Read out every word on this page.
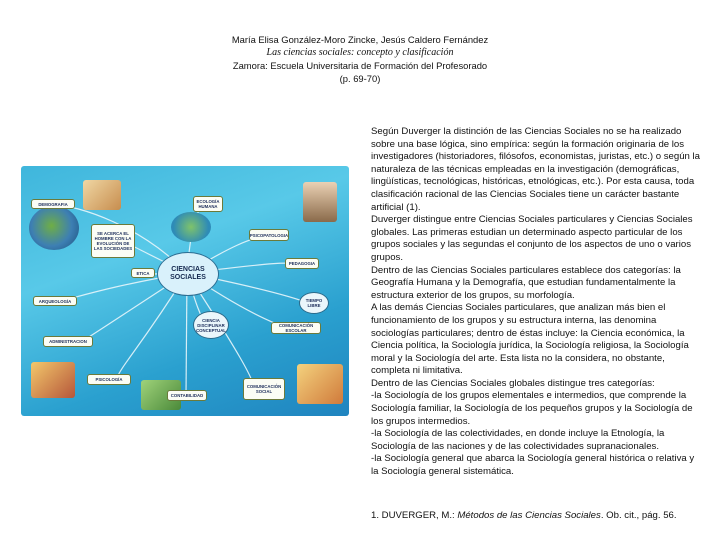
María Elisa González-Moro Zincke, Jesús Caldero Fernández
Las ciencias sociales: concepto y clasificación
Zamora: Escuela Universitaria de Formación del Profesorado
(p. 69-70)
CIENCIAS SOCIALES
DEMOGRAFIA	ECOLOGÍA HUMANA
SE ACERCA EL HOMBRE CON LA EVOLUCIÓN DE LAS SOCIEDADES
PSICOPATOLOGIA
ETICA
PEDAGOGIA
ARQUEOLOGÍA	TIEMPO LIBRE
ADMINISTRACION
CIENCIA DISCIPLINAR CONCEPTUAL
COMUNICACIÓN ESCOLAR
PSICOLOGÍA
CONTABILIDAD
COMUNICACIÓN SOCIAL

Según Duverger la distinción de las Ciencias Sociales no se ha realizado sobre una base lógica, sino empírica: según la formación originaria de los investigadores (historiadores, filósofos, economistas, juristas, etc.) o según la naturaleza de las técnicas empleadas en la investigación (demográficas, lingüísticas, tecnológicas, históricas, etnológicas, etc.). Por esta causa, toda clasificación racional de las Ciencias Sociales tiene un carácter bastante artificial (1).

Duverger distingue entre Ciencias Sociales particulares y Ciencias Sociales globales. Las primeras estudian un determinado aspecto particular de los grupos sociales y las segundas el conjunto de los aspectos de uno o varios grupos.

Dentro de las Ciencias Sociales particulares establece dos categorías: la Geografía Humana y la Demografía, que estudian fundamentalmente la estructura exterior de los grupos, su morfología.

A las demás Ciencias Sociales particulares, que analizan más bien el funcionamiento de los grupos y su estructura interna, las denomina sociologías particulares; dentro de éstas incluye: la Ciencia económica, la Ciencia política, la Sociología jurídica, la Sociología religiosa, la Sociología moral y la Sociología del arte. Esta lista no la considera, no obstante, completa ni limitativa.

Dentro de las Ciencias Sociales globales distingue tres categorías:

-la Sociología de los grupos elementales e intermedios, que comprende la Sociología familiar, la Sociología de los pequeños grupos y la Sociología de los grupos intermedios.

-la Sociología de las colectividades, en donde incluye la Etnología, la Sociología de las naciones y de las colectividades supranacionales.

-la Sociología general que abarca la Sociología general histórica o relativa y la Sociología general sistemática.

1. DUVERGER, M.: Métodos de las Ciencias Sociales. Ob. cit., pág. 56.
